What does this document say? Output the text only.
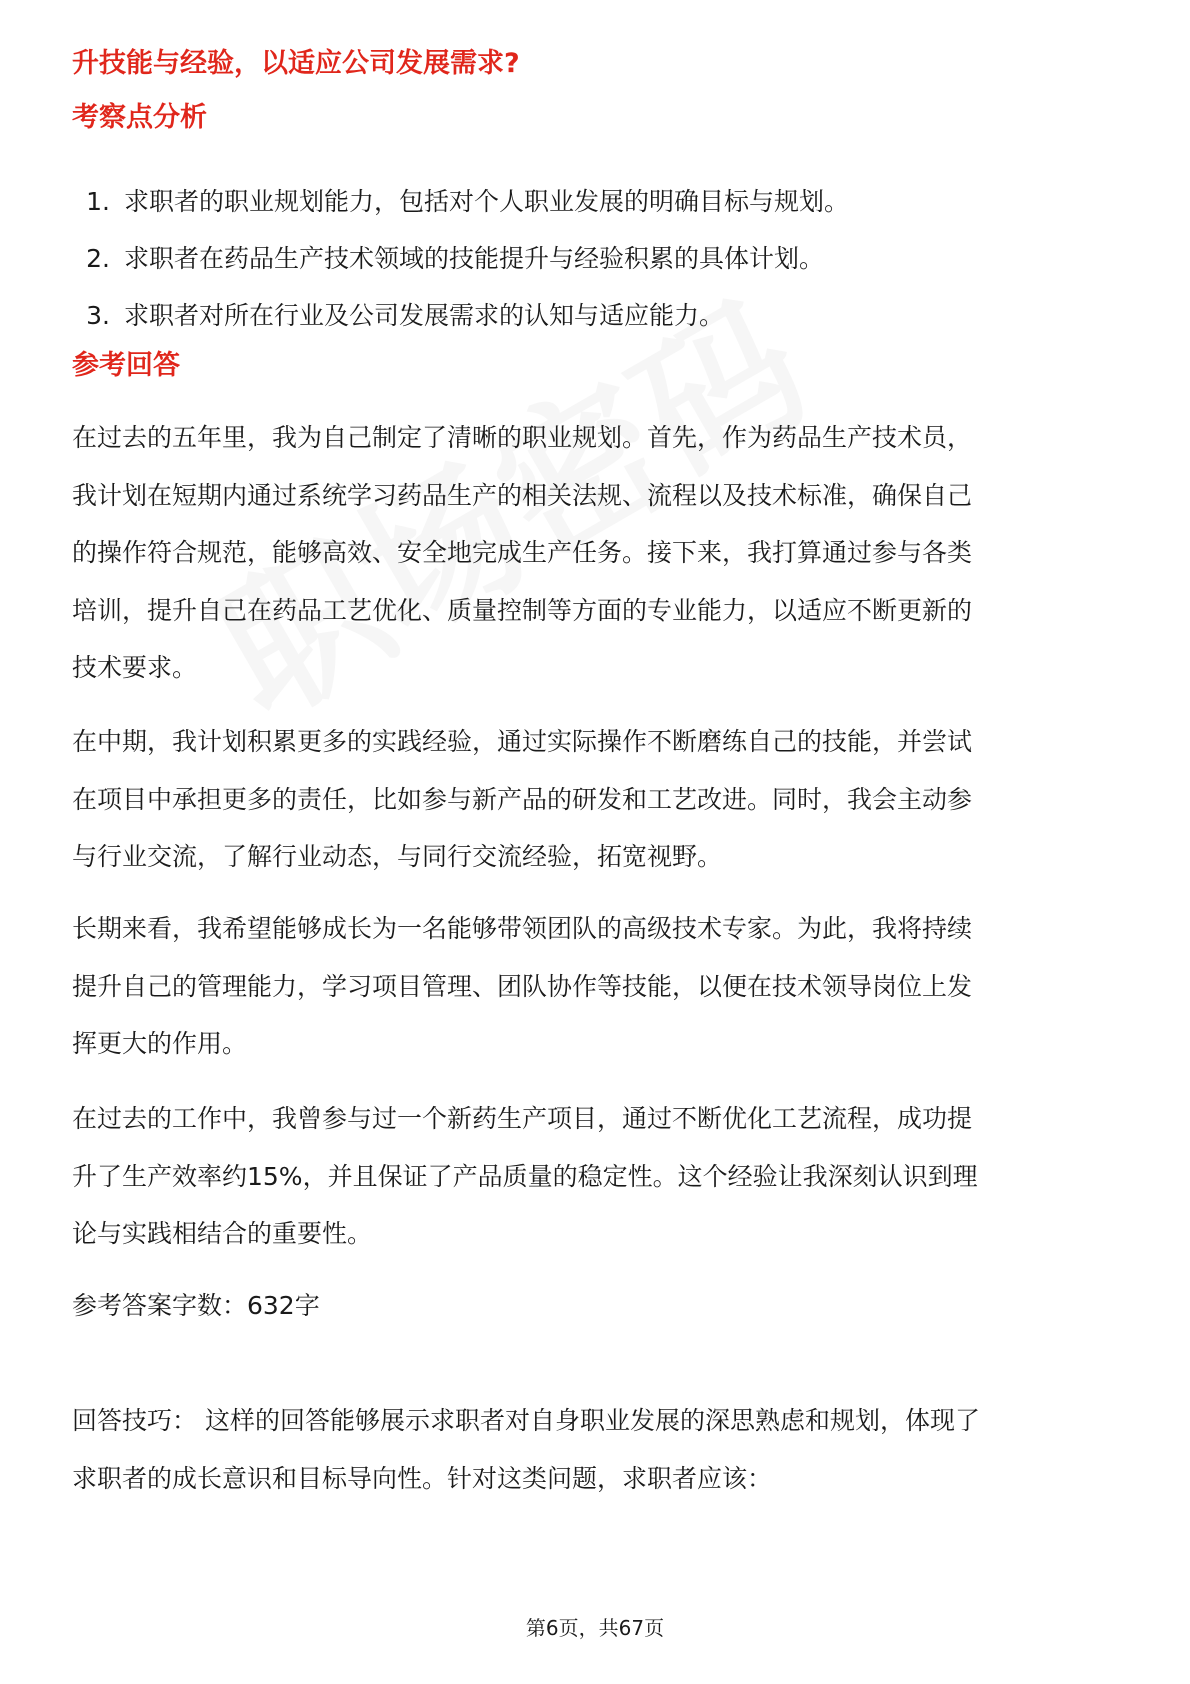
升技能与经验，以适应公司发展需求?
考察点分析
1. 求职者的职业规划能力，包括对个人职业发展的明确目标与规划。
2. 求职者在药品生产技术领域的技能提升与经验积累的具体计划。
3. 求职者对所在行业及公司发展需求的认知与适应能力。
参考回答

在过去的五年里，我为自己制定了清晰的职业规划。首先，作为药品生产技术员，
我计划在短期内通过系统学习药品生产的相关法规、流程以及技术标准，确保自己
的操作符合规范，能够高效、安全地完成生产任务。接下来，我打算通过参与各类
培训，提升自己在药品工艺优化、质量控制等方面的专业能力，以适应不断更新的
技术要求。

在中期，我计划积累更多的实践经验，通过实际操作不断磨练自己的技能，并尝试
在项目中承担更多的责任，比如参与新产品的研发和工艺改进。同时，我会主动参
与行业交流，了解行业动态，与同行交流经验，拓宽视野。

长期来看，我希望能够成长为一名能够带领团队的高级技术专家。为此，我将持续
提升自己的管理能力，学习项目管理、团队协作等技能，以便在技术领导岗位上发
挥更大的作用。

在过去的工作中，我曾参与过一个新药生产项目，通过不断优化工艺流程，成功提
升了生产效率约15%，并且保证了产品质量的稳定性。这个经验让我深刻认识到理
论与实践相结合的重要性。

参考答案字数：632字

回答技巧： 这样的回答能够展示求职者对自身职业发展的深思熟虑和规划，体现了
求职者的成长意识和目标导向性。针对这类问题，求职者应该：

第6页，共67页
